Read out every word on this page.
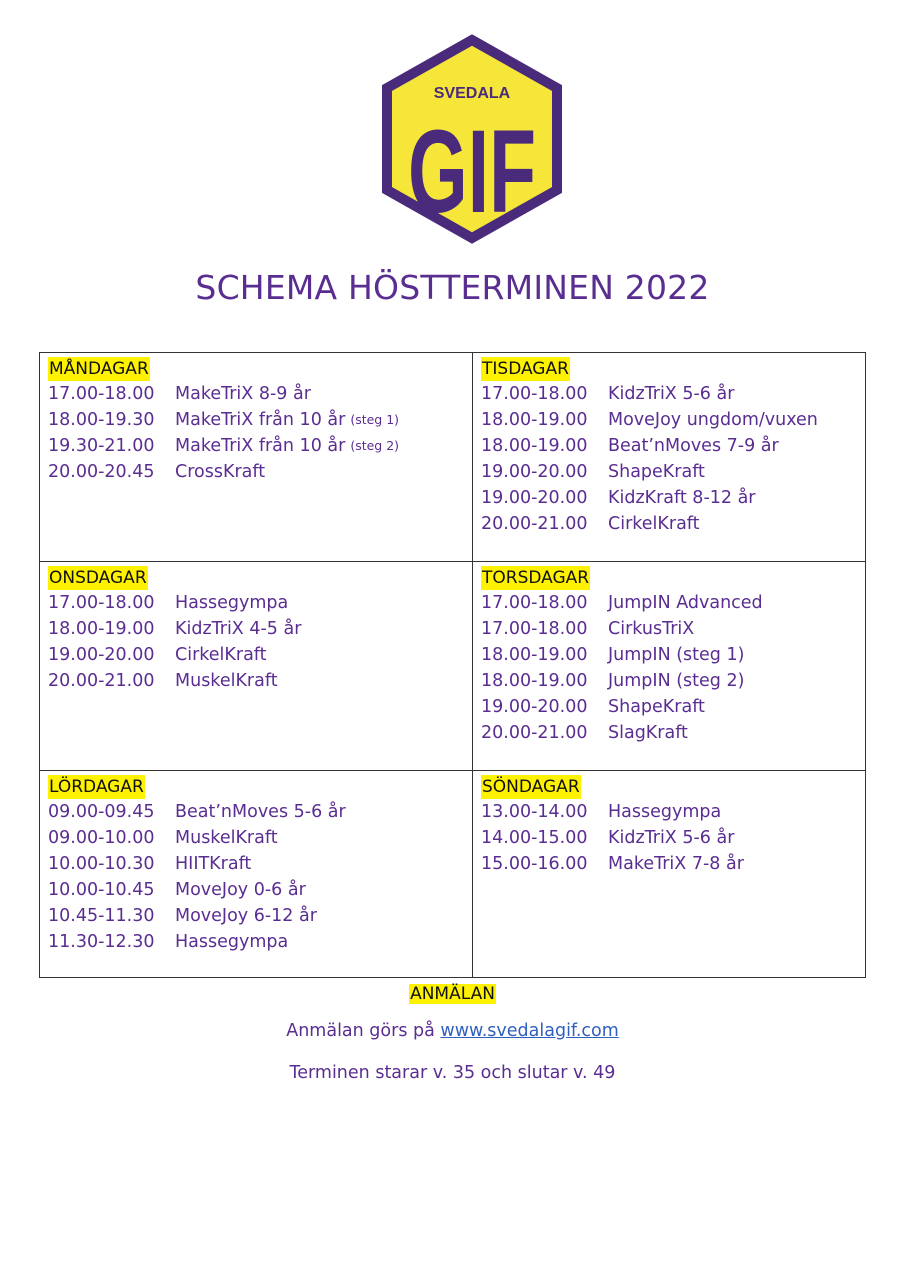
SVEDALA
GIF
SCHEMA HÖSTTERMINEN 2022
MÅNDAGAR
17.00-18.00	MakeTriX 8-9 år
18.00-19.30	MakeTriX från 10 år (steg 1)
19.30-21.00	MakeTriX från 10 år (steg 2)
20.00-20.45	CrossKraft
TISDAGAR
17.00-18.00	KidzTriX 5-6 år
18.00-19.00	MoveJoy ungdom/vuxen
18.00-19.00	Beat’nMoves 7-9 år
19.00-20.00	ShapeKraft
19.00-20.00	KidzKraft 8-12 år
20.00-21.00	CirkelKraft
ONSDAGAR
17.00-18.00	Hassegympa
18.00-19.00	KidzTriX 4-5 år
19.00-20.00	CirkelKraft
20.00-21.00	MuskelKraft
TORSDAGAR
17.00-18.00	JumpIN Advanced
17.00-18.00	CirkusTriX
18.00-19.00	JumpIN (steg 1)
18.00-19.00	JumpIN (steg 2)
19.00-20.00	ShapeKraft
20.00-21.00	SlagKraft
LÖRDAGAR
09.00-09.45	Beat’nMoves 5-6 år
09.00-10.00	MuskelKraft
10.00-10.30	HIITKraft
10.00-10.45	MoveJoy 0-6 år
10.45-11.30	MoveJoy 6-12 år
11.30-12.30	Hassegympa
SÖNDAGAR
13.00-14.00	Hassegympa
14.00-15.00	KidzTriX 5-6 år
15.00-16.00	MakeTriX 7-8 år
ANMÄLAN
Anmälan görs på www.svedalagif.com
Terminen starar v. 35 och slutar v. 49
